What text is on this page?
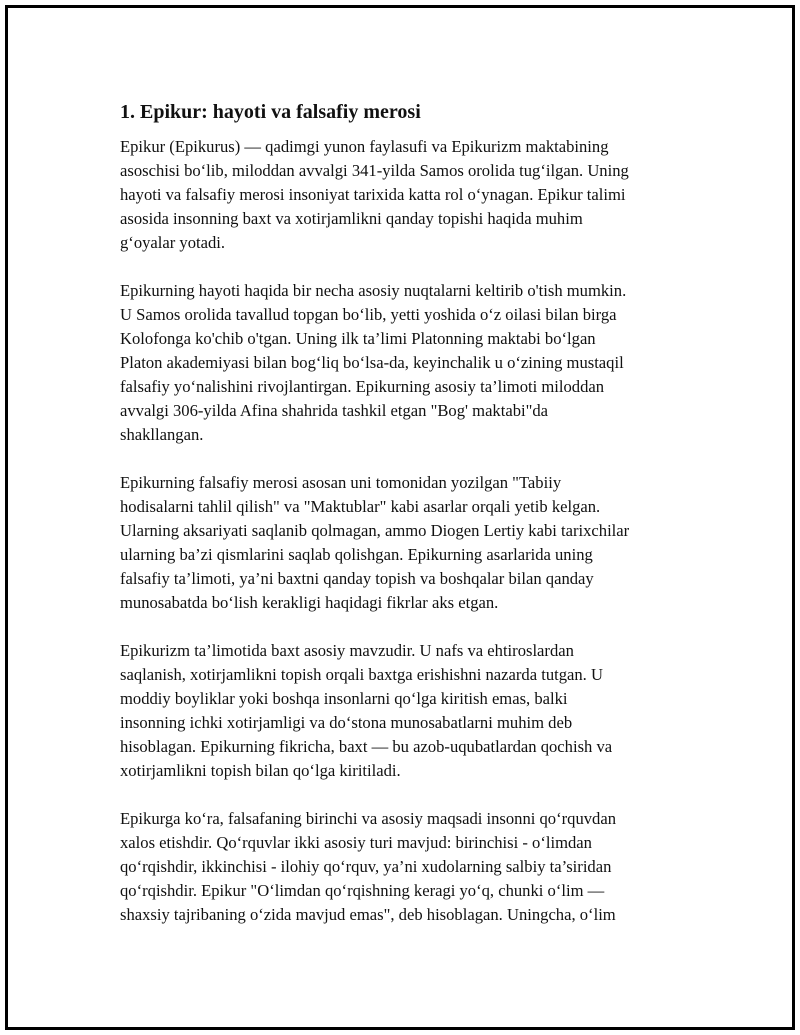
1. Epikur: hayoti va falsafiy merosi
Epikur (Epikurus) — qadimgi yunon faylasufi va Epikurizm maktabining
asoschisi bo‘lib, miloddan avvalgi 341-yilda Samos orolida tug‘ilgan. Uning
hayoti va falsafiy merosi insoniyat tarixida katta rol o‘ynagan. Epikur talimi
asosida insonning baxt va xotirjamlikni qanday topishi haqida muhim
g‘oyalar yotadi.
Epikurning hayoti haqida bir necha asosiy nuqtalarni keltirib o'tish mumkin.
U Samos orolida tavallud topgan bo‘lib, yetti yoshida o‘z oilasi bilan birga
Kolofonga ko'chib o'tgan. Uning ilk ta’limi Platonning maktabi bo‘lgan
Platon akademiyasi bilan bog‘liq bo‘lsa-da, keyinchalik u o‘zining mustaqil
falsafiy yo‘nalishini rivojlantirgan. Epikurning asosiy ta’limoti miloddan
avvalgi 306-yilda Afina shahrida tashkil etgan "Bog' maktabi"da
shakllangan.
Epikurning falsafiy merosi asosan uni tomonidan yozilgan "Tabiiy
hodisalarni tahlil qilish" va "Maktublar" kabi asarlar orqali yetib kelgan.
Ularning aksariyati saqlanib qolmagan, ammo Diogen Lertiy kabi tarixchilar
ularning ba’zi qismlarini saqlab qolishgan. Epikurning asarlarida uning
falsafiy ta’limoti, ya’ni baxtni qanday topish va boshqalar bilan qanday
munosabatda bo‘lish kerakligi haqidagi fikrlar aks etgan.
Epikurizm ta’limotida baxt asosiy mavzudir. U nafs va ehtiroslardan
saqlanish, xotirjamlikni topish orqali baxtga erishishni nazarda tutgan. U
moddiy boyliklar yoki boshqa insonlarni qo‘lga kiritish emas, balki
insonning ichki xotirjamligi va do‘stona munosabatlarni muhim deb
hisoblagan. Epikurning fikricha, baxt — bu azob-uqubatlardan qochish va
xotirjamlikni topish bilan qo‘lga kiritiladi.
Epikurga ko‘ra, falsafaning birinchi va asosiy maqsadi insonni qo‘rquvdan
xalos etishdir. Qo‘rquvlar ikki asosiy turi mavjud: birinchisi - o‘limdan
qo‘rqishdir, ikkinchisi - ilohiy qo‘rquv, ya’ni xudolarning salbiy ta’siridan
qo‘rqishdir. Epikur "O‘limdan qo‘rqishning keragi yo‘q, chunki o‘lim —
shaxsiy tajribaning o‘zida mavjud emas", deb hisoblagan. Uningcha, o‘lim
